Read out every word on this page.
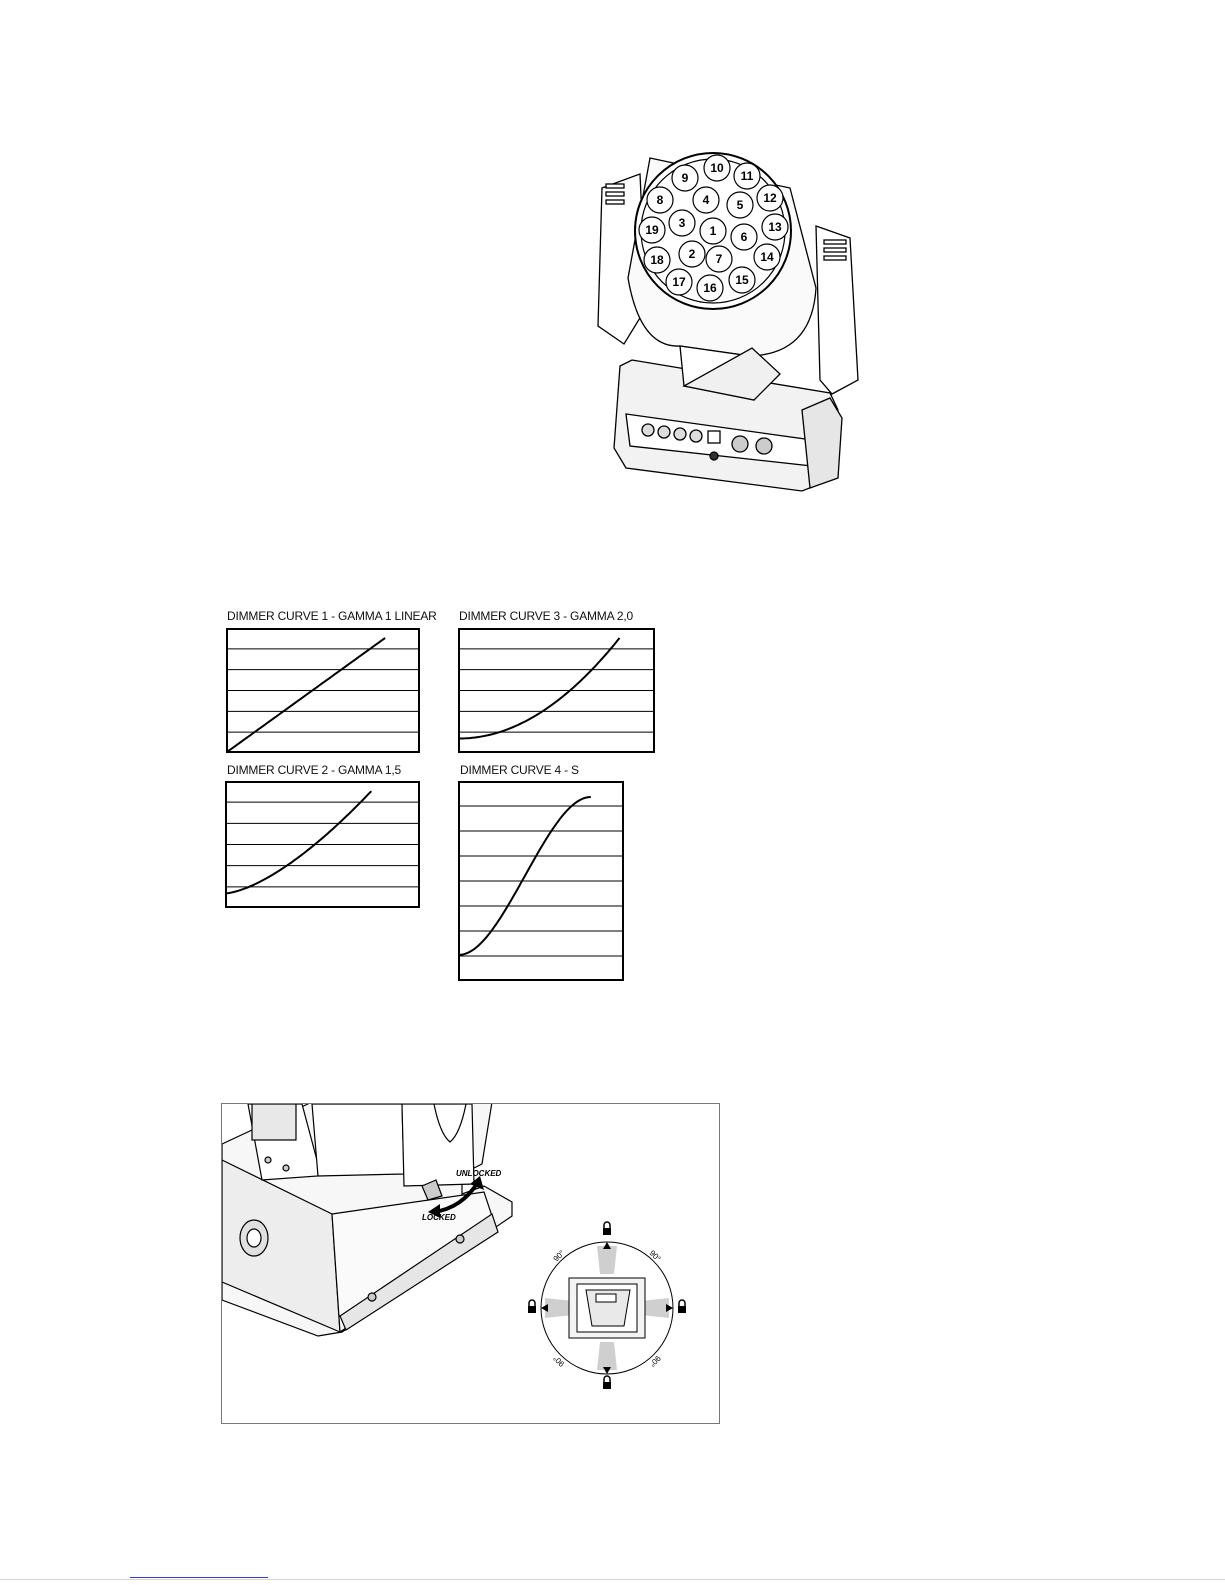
1
2
3
4 5
6
7
8
9
10
11
12
13
14
15
16
17
18
19
DIMMER CURVE 1 - GAMMA 1 LINEAR DIMMER CURVE 3 - GAMMA 2,0
DIMMER CURVE 2 - GAMMA 1,5	DIMMER CURVE 4 - S
UNLOCKED
LOCKED
90°	90°
90°	90°
